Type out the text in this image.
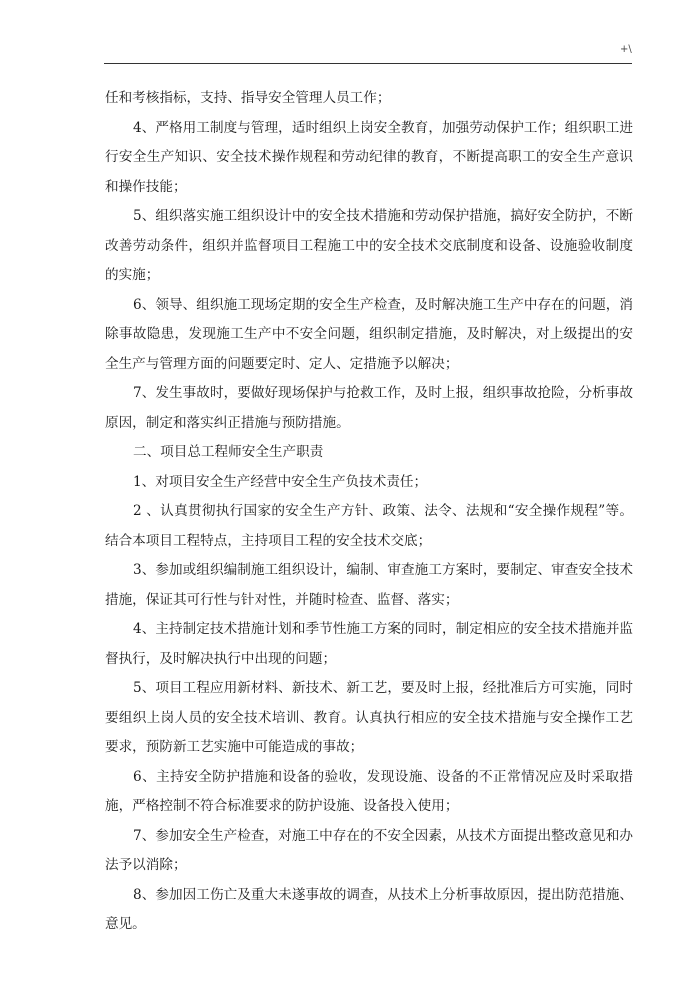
+\

任和考核指标，支持、指导安全管理人员工作；

4、严格用工制度与管理，适时组织上岗安全教育，加强劳动保护工作；组织职工进行安全生产知识、安全技术操作规程和劳动纪律的教育，不断提高职工的安全生产意识和操作技能；

5、组织落实施工组织设计中的安全技术措施和劳动保护措施，搞好安全防护，不断改善劳动条件，组织并监督项目工程施工中的安全技术交底制度和设备、设施验收制度的实施；

6、领导、组织施工现场定期的安全生产检查，及时解决施工生产中存在的问题，消除事故隐患，发现施工生产中不安全问题，组织制定措施，及时解决，对上级提出的安全生产与管理方面的问题要定时、定人、定措施予以解决；

7、发生事故时，要做好现场保护与抢救工作，及时上报，组织事故抢险，分析事故原因，制定和落实纠正措施与预防措施。

二、项目总工程师安全生产职责

1、对项目安全生产经营中安全生产负技术责任；

2 、认真贯彻执行国家的安全生产方针、政策、法令、法规和“安全操作规程”等。结合本项目工程特点，主持项目工程的安全技术交底；

3、参加或组织编制施工组织设计，编制、审查施工方案时，要制定、审查安全技术措施，保证其可行性与针对性，并随时检查、监督、落实；

4、主持制定技术措施计划和季节性施工方案的同时，制定相应的安全技术措施并监督执行，及时解决执行中出现的问题；

5、项目工程应用新材料、新技术、新工艺，要及时上报，经批准后方可实施，同时要组织上岗人员的安全技术培训、教育。认真执行相应的安全技术措施与安全操作工艺要求，预防新工艺实施中可能造成的事故；

6、主持安全防护措施和设备的验收，发现设施、设备的不正常情况应及时采取措施，严格控制不符合标准要求的防护设施、设备投入使用；

7、参加安全生产检查，对施工中存在的不安全因素，从技术方面提出整改意见和办法予以消除；

8、参加因工伤亡及重大未遂事故的调查，从技术上分析事故原因，提出防范措施、意见。
